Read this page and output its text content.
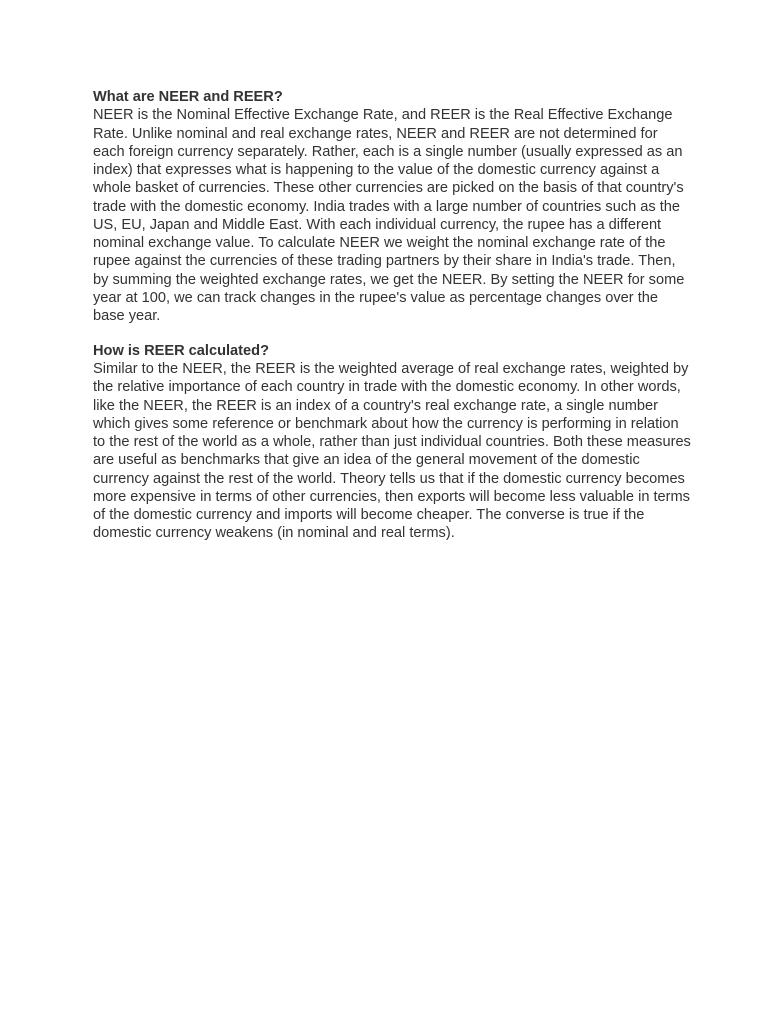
What are NEER and REER?
NEER is the Nominal Effective Exchange Rate, and REER is the Real Effective Exchange
Rate. Unlike nominal and real exchange rates, NEER and REER are not determined for
each foreign currency separately. Rather, each is a single number (usually expressed as an
index) that expresses what is happening to the value of the domestic currency against a
whole basket of currencies. These other currencies are picked on the basis of that country's
trade with the domestic economy. India trades with a large number of countries such as the
US, EU, Japan and Middle East. With each individual currency, the rupee has a different
nominal exchange value. To calculate NEER we weight the nominal exchange rate of the
rupee against the currencies of these trading partners by their share in India's trade. Then,
by summing the weighted exchange rates, we get the NEER. By setting the NEER for some
year at 100, we can track changes in the rupee's value as percentage changes over the
base year.
How is REER calculated?
Similar to the NEER, the REER is the weighted average of real exchange rates, weighted by
the relative importance of each country in trade with the domestic economy. In other words,
like the NEER, the REER is an index of a country's real exchange rate, a single number
which gives some reference or benchmark about how the currency is performing in relation
to the rest of the world as a whole, rather than just individual countries. Both these measures
are useful as benchmarks that give an idea of the general movement of the domestic
currency against the rest of the world. Theory tells us that if the domestic currency becomes
more expensive in terms of other currencies, then exports will become less valuable in terms
of the domestic currency and imports will become cheaper. The converse is true if the
domestic currency weakens (in nominal and real terms).
